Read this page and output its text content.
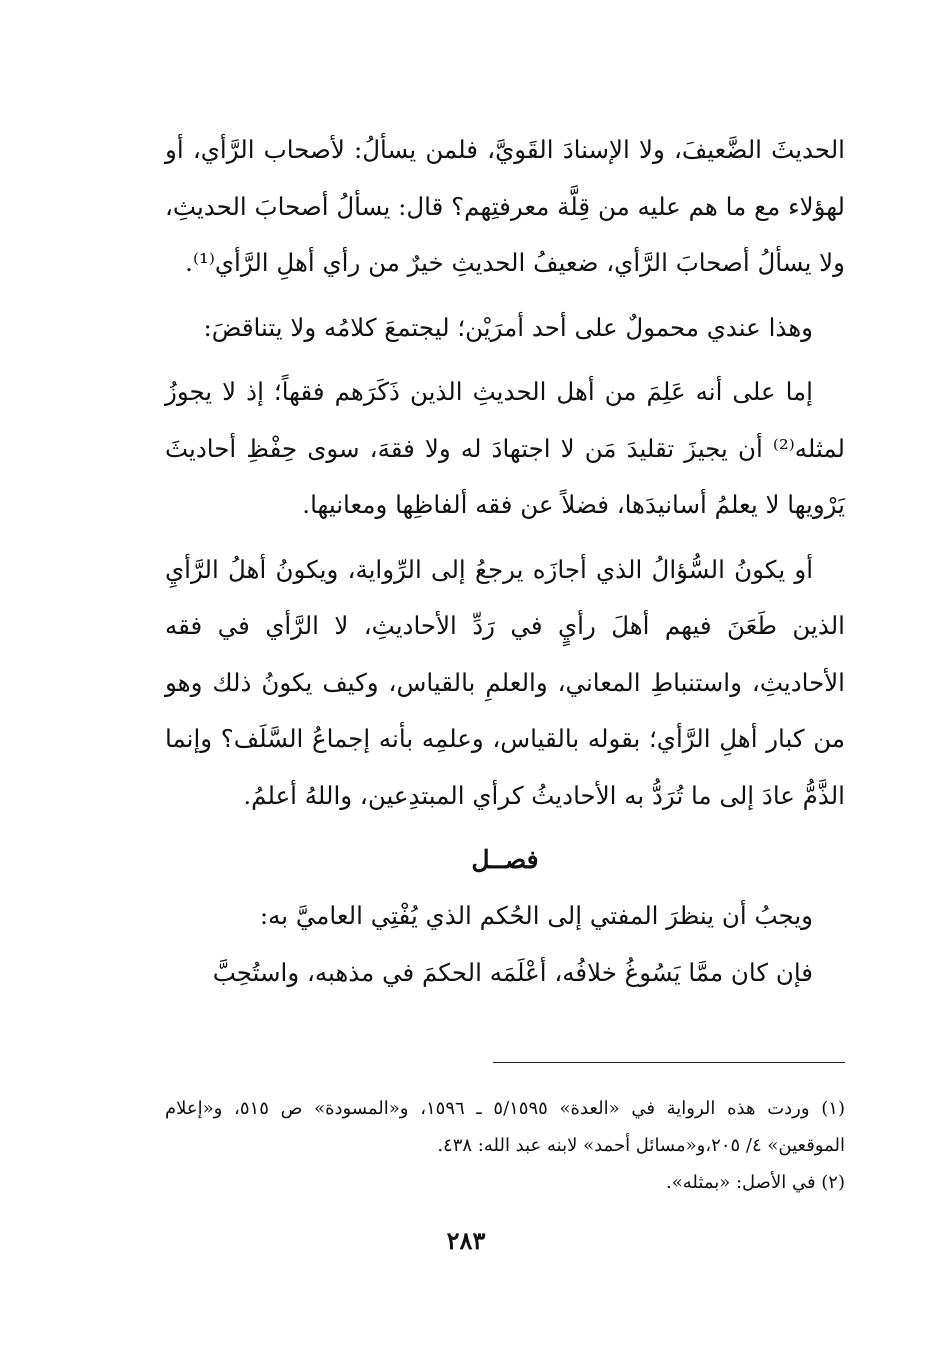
الحديثَ الضَّعيفَ، ولا الإسنادَ القَويَّ، فلمن يسألُ: لأصحاب الرَّأي، أو لهؤلاء مع ما هم عليه من قِلَّة معرفتِهم؟ قال: يسألُ أصحابَ الحديثِ، ولا يسألُ أصحابَ الرَّأي، ضعيفُ الحديثِ خيرٌ من رأي أهلِ الرَّأي⁽¹⁾.

وهذا عندي محمولٌ على أحد أمرَيْن؛ ليجتمعَ كلامُه ولا يتناقضَ:

إما على أنه عَلِمَ من أهل الحديثِ الذين ذَكَرَهم فقهاً؛ إذ لا يجوزُ لمثله⁽²⁾ أن يجيزَ تقليدَ مَن لا اجتهادَ له ولا فقهَ، سوى حِفْظِ أحاديثَ يَرْويها لا يعلمُ أسانيدَها، فضلاً عن فقه ألفاظِها ومعانيها.

أو يكونُ السُّؤالُ الذي أجازَه يرجعُ إلى الرِّواية، ويكونُ أهلُ الرَّأيِ الذين طَعَنَ فيهم أهلَ رأيٍ في رَدِّ الأحاديثِ، لا الرَّأي في فقه الأحاديثِ، واستنباطِ المعاني، والعلمِ بالقياس، وكيف يكونُ ذلك وهو من كبار أهلِ الرَّأي؛ بقوله بالقياس، وعلمِه بأنه إجماعُ السَّلَف؟ وإنما الذَّمُّ عادَ إلى ما تُرَدُّ به الأحاديثُ كرأي المبتدِعين، واللهُ أعلمُ.

فصــل

ويجبُ أن ينظرَ المفتي إلى الحُكم الذي يُفْتِي العاميَّ به:

فإن كان ممَّا يَسُوغُ خلافُه، أعْلَمَه الحكمَ في مذهبه، واستُحِبَّ

(١) وردت هذه الرواية في «العدة» ٥/١٥٩٥ ـ ١٥٩٦، و«المسودة» ص ٥١٥، و«إعلام الموقعين» ٤/ ٢٠٥،و«مسائل أحمد» لابنه عبد الله: ٤٣٨.

(٢) في الأصل: «بمثله».

٢٨٣
